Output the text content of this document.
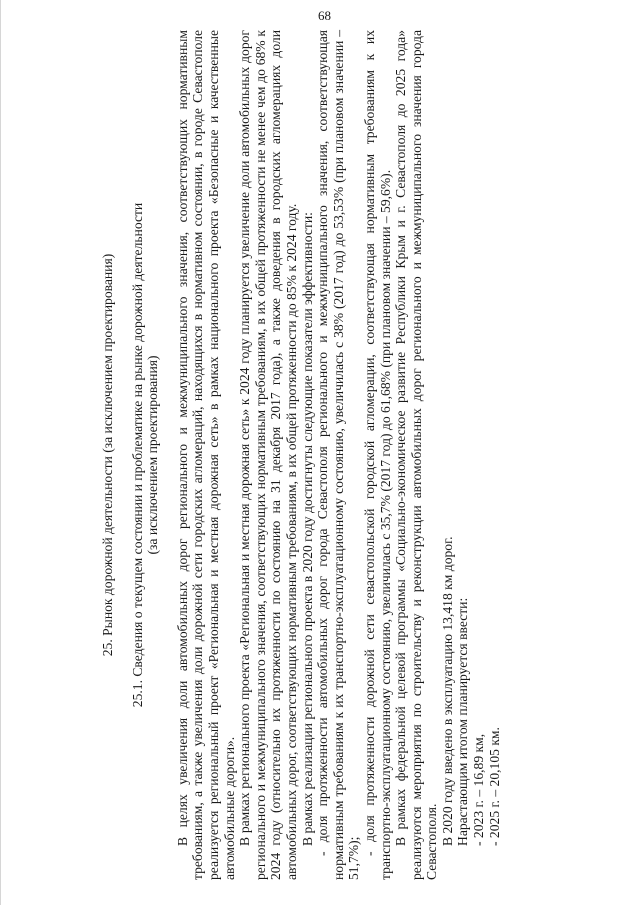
68

25. Рынок дорожной деятельности (за исключением проектирования) 25.1. Сведения о текущем состоянии и проблематике на рынке дорожной деятельности (за исключением проектирования) В целях увеличения доли автомобильных дорог регионального и межмуниципального значения, соответствующих нормативным требованиям, а также увеличения доли дорожной сети городских агломераций, находящихся в нормативном состоянии, в городе Севастополе реализуется региональный проект «Региональная и местная дорожная сеть» в рамках национального проекта «Безопасные и качественные автомобильные дороги». В рамках регионального проекта «Региональная и местная дорожная сеть» к 2024 году планируется увеличение доли автомобильных дорог регионального и межмуниципального значения, соответствующих нормативным требованиям, в их общей протяженности не менее чем до 68% к 2024 году (относительно их протяженности по состоянию на 31 декабря 2017 года), а также доведения в городских агломерациях доли автомобильных дорог, соответствующих нормативным требованиям, в их общей протяженности до 85% к 2024 году. В рамках реализации регионального проекта в 2020 году достигнуты следующие показатели эффективности: - доля протяженности автомобильных дорог города Севастополя регионального и межмуниципального значения, соответствующая нормативным требованиям к их транспортно-эксплуатационному состоянию, увеличилась с 38% (2017 год) до 53,53% (при плановом значении – 51,7%);

- доля протяженности дорожной сети севастопольской городской агломерации, соответствующая нормативным требованиям к их транспортно-эксплуатационному состоянию, увеличилась с 35,7% (2017 год) до 61,68% (при плановом значении – 59,6%). В рамках федеральной целевой программы «Социально-экономическое развитие Республики Крым и г. Севастополя до 2025 года» реализуются мероприятия по строительству и реконструкции автомобильных дорог регионального и межмуниципального значения города Севастополя. В 2020 году введено в эксплуатацию 13,418 км дорог. Нарастающим итогом планируется ввести: - 2023 г. – 16,89 км, - 2025 г. – 20,105 км.
